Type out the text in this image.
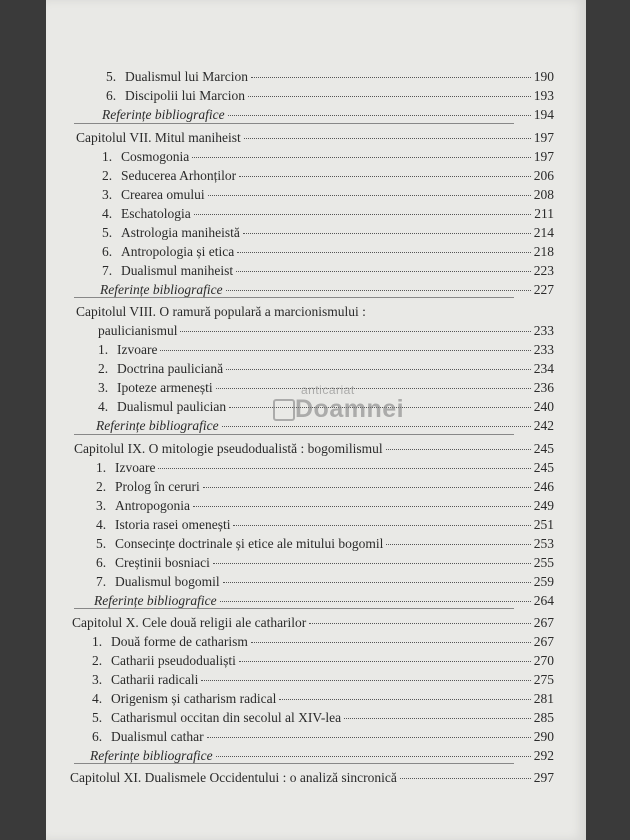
5. Dualismul lui Marcion	190
6. Discipolii lui Marcion	193
Referințe bibliografice	194
Capitolul VII. Mitul maniheist	197
1. Cosmogonia	197
2. Seducerea Arhonților	206
3. Crearea omului	208
4. Eschatologia	211
5. Astrologia maniheistă	214
6. Antropologia și etica	218
7. Dualismul maniheist	223
Referințe bibliografice	227
Capitolul VIII. O ramură populară a marcionismului :
paulicianismul	233
1. Izvoare	233
2. Doctrina pauliciană	234
3. Ipoteze armenești	236
4. Dualismul paulician	240
Referințe bibliografice	242
Capitolul IX. O mitologie pseudodualistă : bogomilismul	245
1. Izvoare	245
2. Prolog în ceruri	246
3. Antropogonia	249
4. Istoria rasei omenești	251
5. Consecințe doctrinale și etice ale mitului bogomil	253
6. Creștinii bosniaci	255
7. Dualismul bogomil	259
Referințe bibliografice	264
Capitolul X. Cele două religii ale catharilor	267
1. Două forme de catharism	267
2. Catharii pseudodualiști	270
3. Catharii radicali	275
4. Origenism și catharism radical	281
5. Catharismul occitan din secolul al XIV-lea	285
6. Dualismul cathar	290
Referințe bibliografice	292
Capitolul XI. Dualismele Occidentului : o analiză sincronică	297
anticariat
Doamnei
